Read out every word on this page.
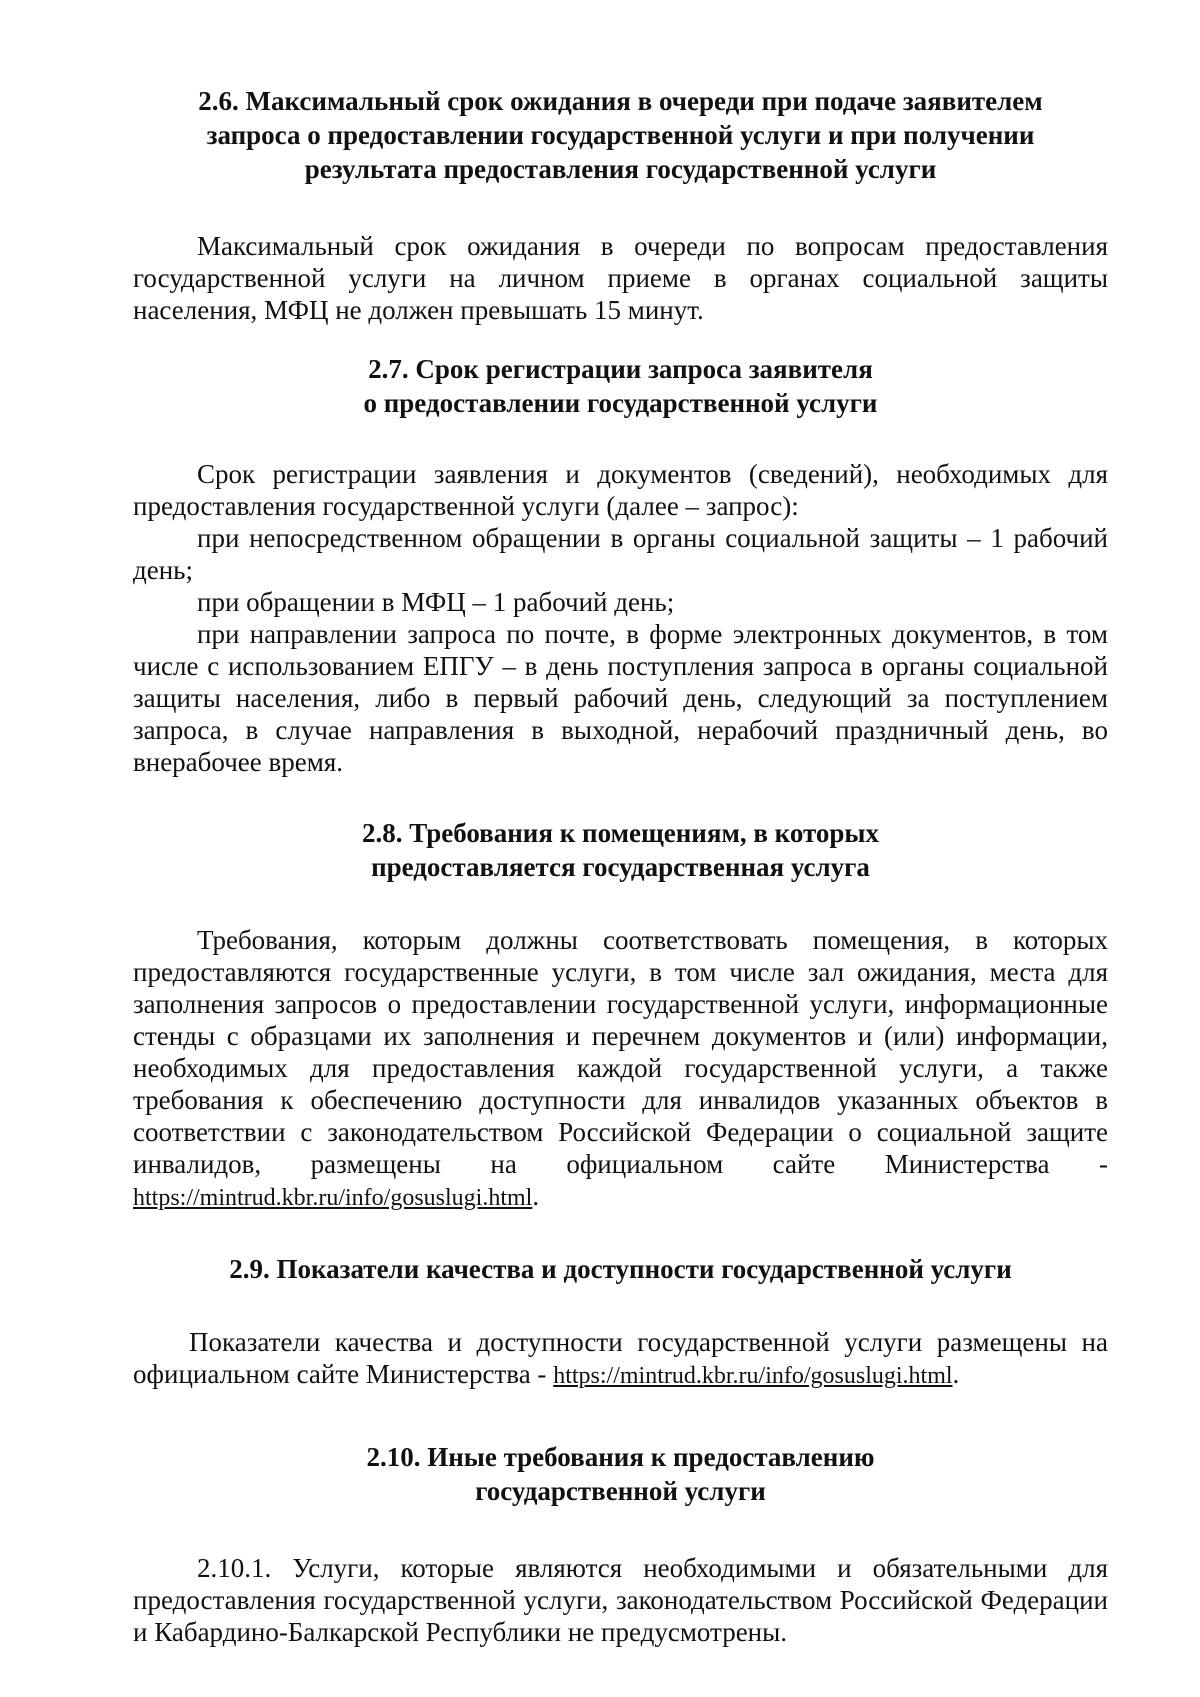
2.6. Максимальный срок ожидания в очереди при подаче заявителем
запроса о предоставлении государственной услуги и при получении
результата предоставления государственной услуги

Максимальный срок ожидания в очереди по вопросам предоставления государственной услуги на личном приеме в органах социальной защиты населения, МФЦ не должен превышать 15 минут.

2.7. Срок регистрации запроса заявителя
о предоставлении государственной услуги

Срок регистрации заявления и документов (сведений), необходимых для предоставления государственной услуги (далее – запрос):

при непосредственном обращении в органы социальной защиты – 1 рабочий день;

при обращении в МФЦ – 1 рабочий день;

при направлении запроса по почте, в форме электронных документов, в том числе с использованием ЕПГУ – в день поступления запроса в органы социальной защиты населения, либо в первый рабочий день, следующий за поступлением запроса, в случае направления в выходной, нерабочий праздничный день, во внерабочее время.

2.8. Требования к помещениям, в которых
предоставляется государственная услуга

Требования, которым должны соответствовать помещения, в которых предоставляются государственные услуги, в том числе зал ожидания, места для заполнения запросов о предоставлении государственной услуги, информационные стенды с образцами их заполнения и перечнем документов и (или) информации, необходимых для предоставления каждой государственной услуги, а также требования к обеспечению доступности для инвалидов указанных объектов в соответствии с законодательством Российской Федерации о социальной защите инвалидов, размещены на официальном сайте Министерства - https://mintrud.kbr.ru/info/gosuslugi.html.

2.9. Показатели качества и доступности государственной услуги

Показатели качества и доступности государственной услуги размещены на официальном сайте Министерства - https://mintrud.kbr.ru/info/gosuslugi.html.

2.10. Иные требования к предоставлению
государственной услуги

2.10.1. Услуги, которые являются необходимыми и обязательными для предоставления государственной услуги, законодательством Российской Федерации и Кабардино-Балкарской Республики не предусмотрены.
